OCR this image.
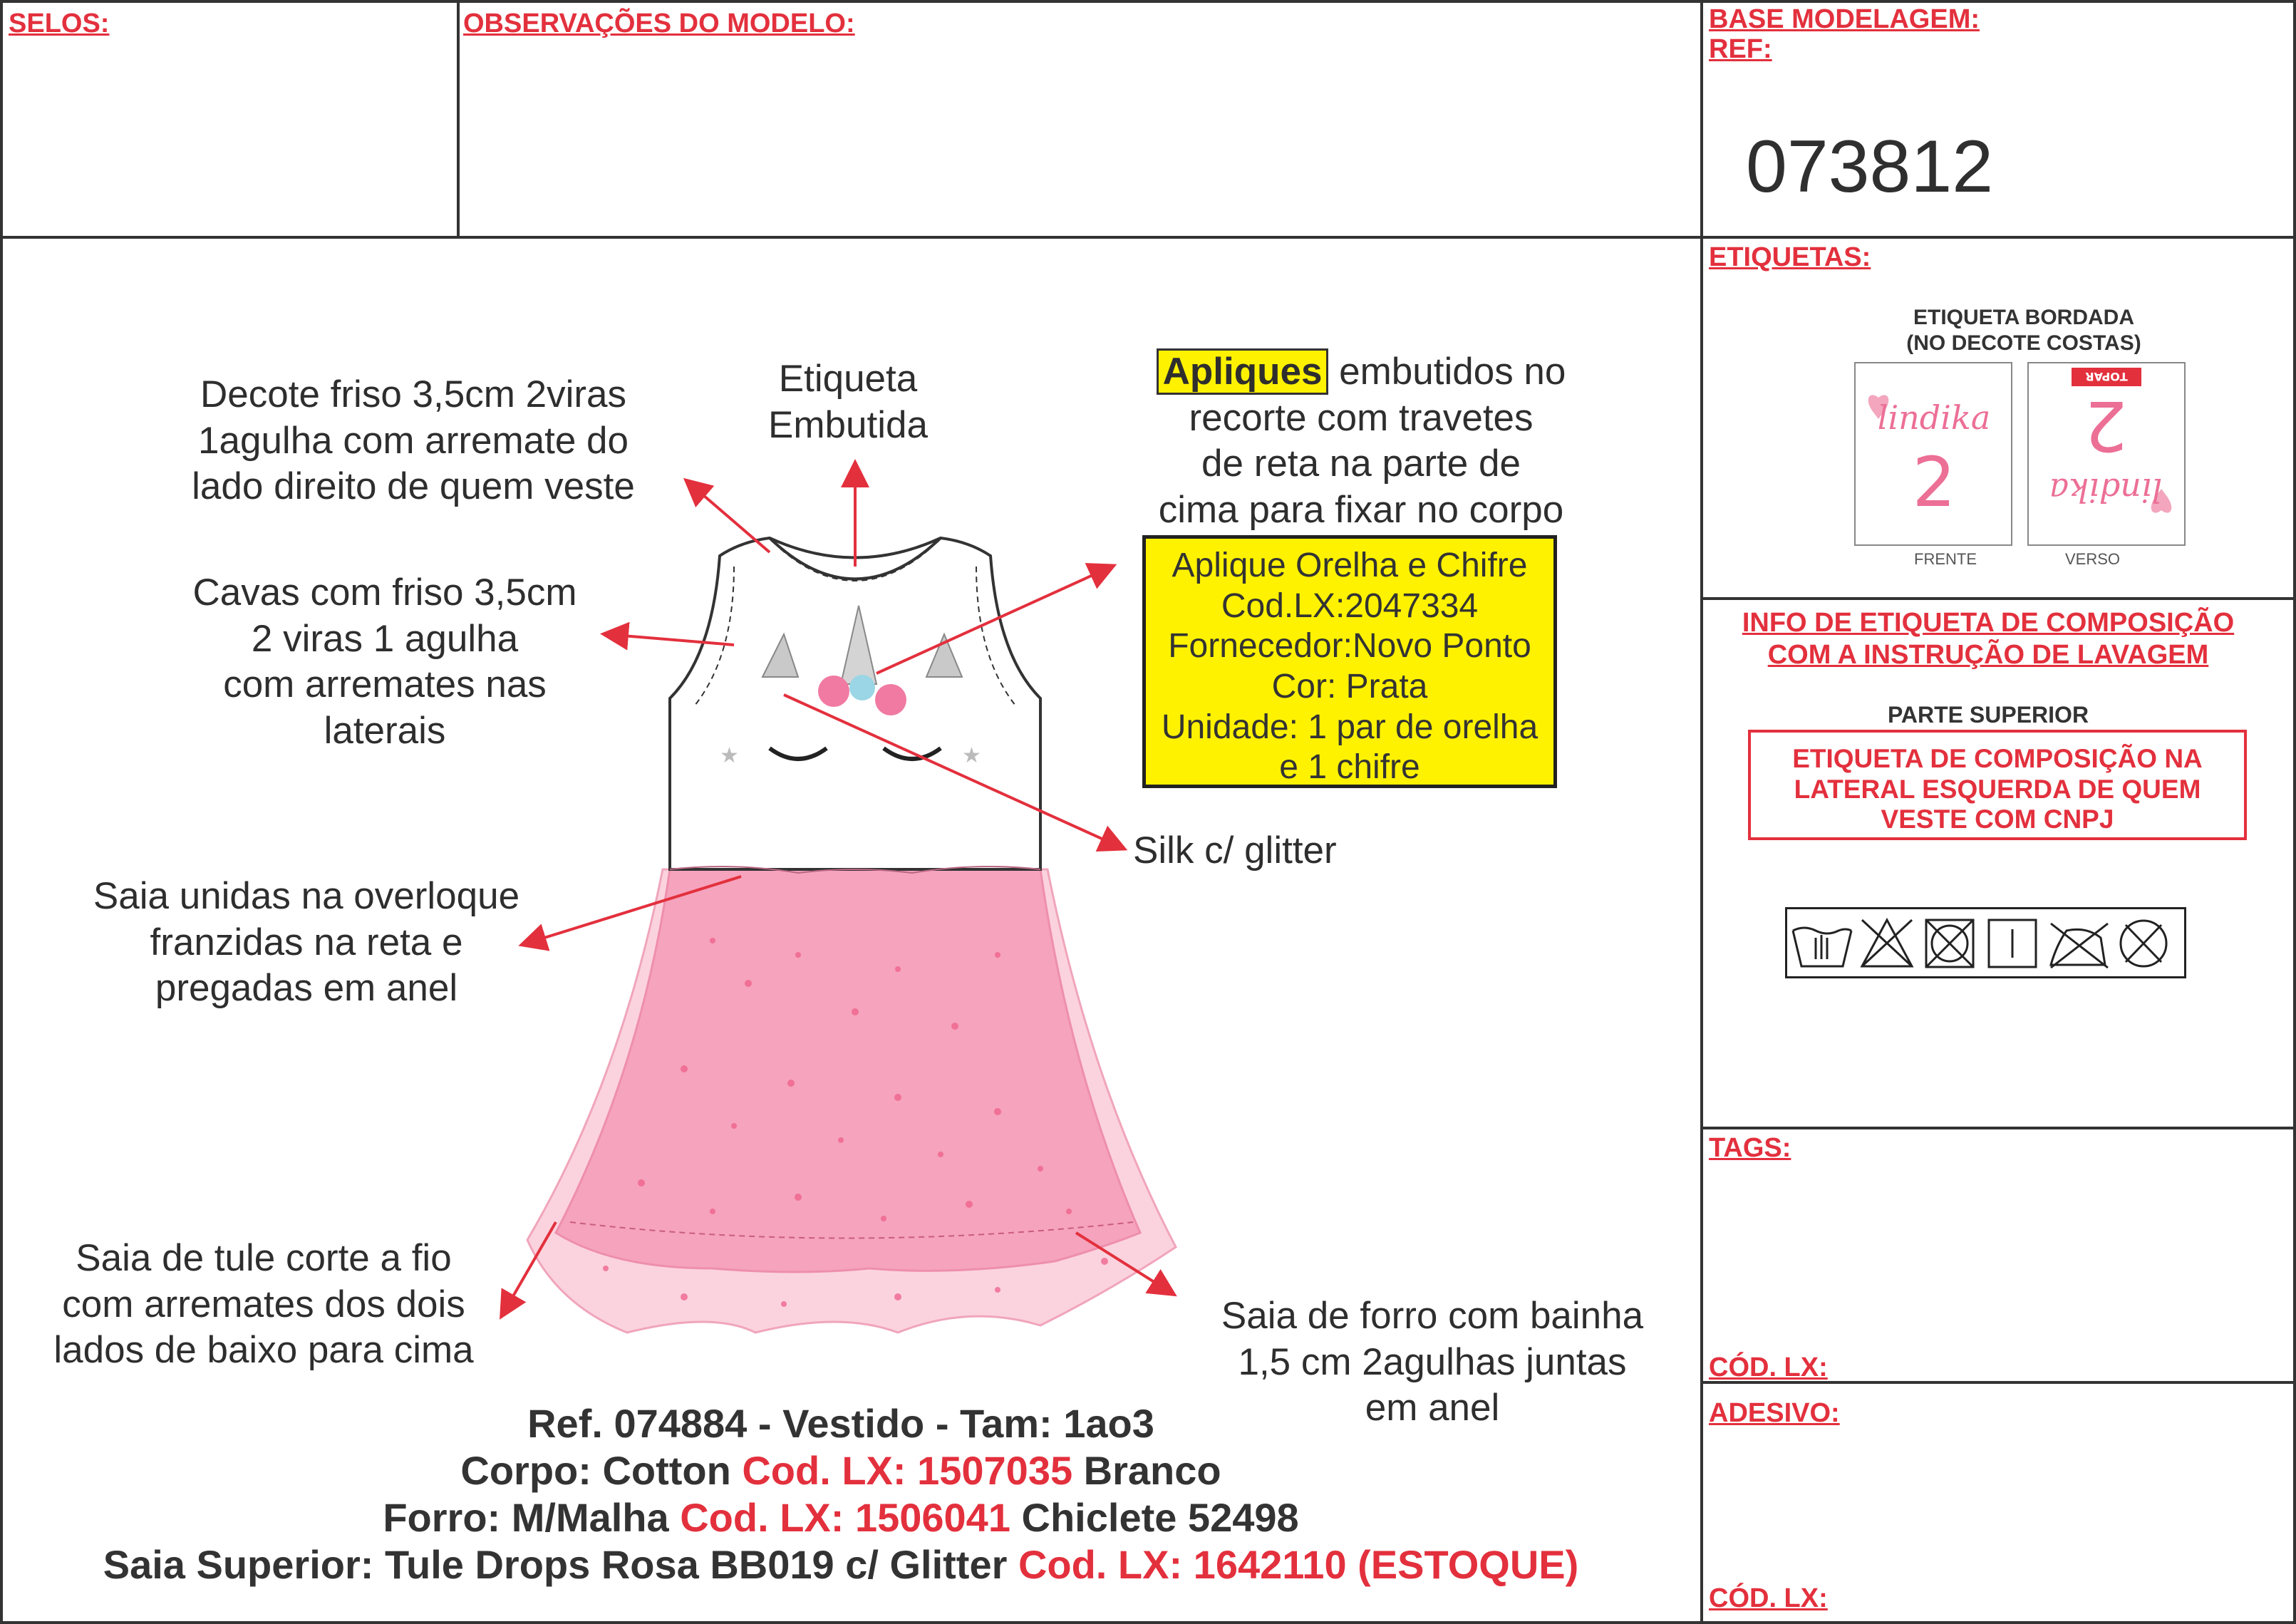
SELOS:	OBSERVAÇÕES DO MODELO:	BASE MODELAGEM:
REF:
073812
★	★
Decote friso 3,5cm 2viras
1agulha com arremate do
lado direito de quem veste
Etiqueta
Embutida
Apliques embutidos no
recorte com travetes
de reta na parte de
cima para fixar no corpo
Cavas com friso 3,5cm
2 viras 1 agulha
com arremates nas
laterais
Silk c/ glitter
Saia unidas na overloque
franzidas na reta e
pregadas em anel
Saia de tule corte a fio
com arremates dos dois
lados de baixo para cima
Saia de forro com bainha
1,5 cm 2agulhas juntas
em anel
Aplique Orelha e Chifre
Cod.LX:2047334
Fornecedor:Novo Ponto
Cor: Prata
Unidade: 1 par de orelha
e 1 chifre
Ref. 074884 - Vestido - Tam: 1ao3
Corpo: Cotton Cod. LX: 1507035 Branco
Forro: M/Malha Cod. LX: 1506041 Chiclete 52498
Saia Superior: Tule Drops Rosa BB019 c/ Glitter Cod. LX: 1642110 (ESTOQUE)
ETIQUETAS:
ETIQUETA BORDADA
(NO DECOTE COSTAS)
lindika
2
TOPAR
lindika
2
FRENTE	VERSO
INFO DE ETIQUETA DE COMPOSIÇÃO
COM A INSTRUÇÃO DE LAVAGEM
PARTE SUPERIOR
ETIQUETA DE COMPOSIÇÃO NA
LATERAL ESQUERDA DE QUEM
VESTE COM CNPJ
TAGS:
CÓD. LX:
ADESIVO:
CÓD. LX:
